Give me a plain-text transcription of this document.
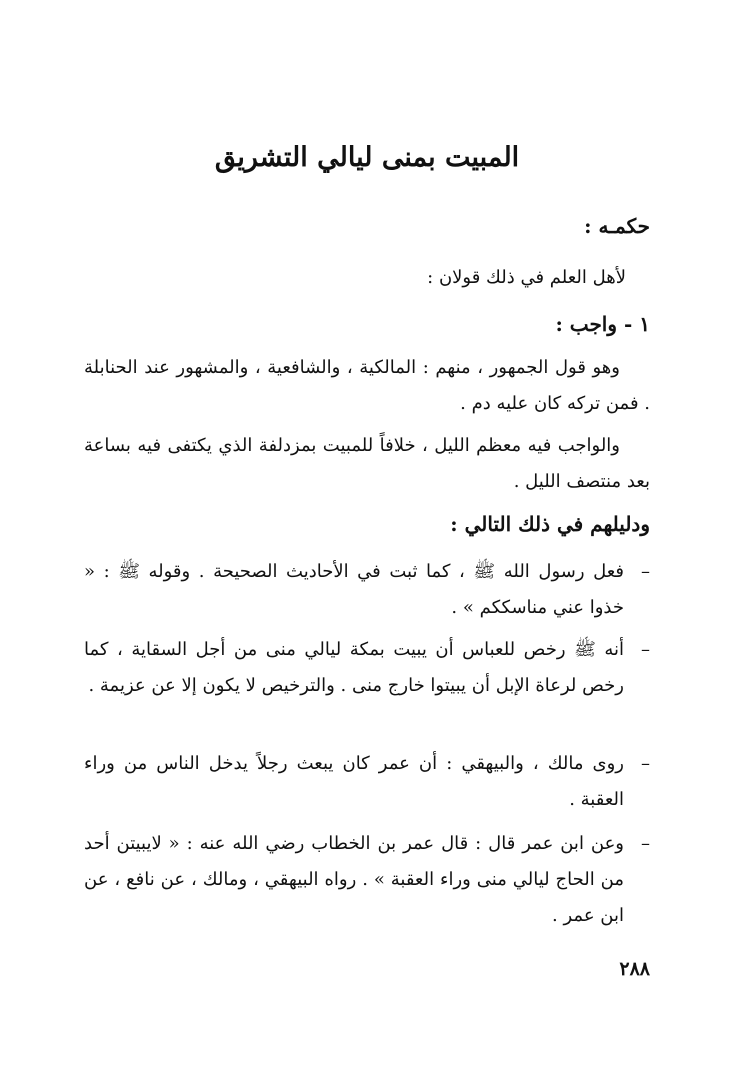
المبيت بمنى ليالي التشريق
حكمـه :

لأهل العلم في ذلك قولان :

١ - واجب :

وهو قول الجمهور ، منهم : المالكية ، والشافعية ، والمشهور عند الحنابلة . فمن تركه كان عليه دم .

والواجب فيه معظم الليل ، خلافاً للمبيت بمزدلفة الذي يكتفى فيه بساعة بعد منتصف الليل .

ودليلهم في ذلك التالي :
–
فعل رسول الله ﷺ ، كما ثبت في الأحاديث الصحيحة . وقوله ﷺ : « خذوا عني مناسككم » .
–
أنه ﷺ رخص للعباس أن يبيت بمكة ليالي منى من أجل السقاية ، كما رخص لرعاة الإبل أن يبيتوا خارج منى . والترخيص لا يكون إلا عن عزيمة .
–
روى مالك ، والبيهقي : أن عمر كان يبعث رجلاً يدخل الناس من وراء العقبة .
–
وعن ابن عمر قال : قال عمر بن الخطاب رضي الله عنه : « لايبيتن أحد من الحاج ليالي منى وراء العقبة » . رواه البيهقي ، ومالك ، عن نافع ، عن ابن عمر .
٢٨٨
